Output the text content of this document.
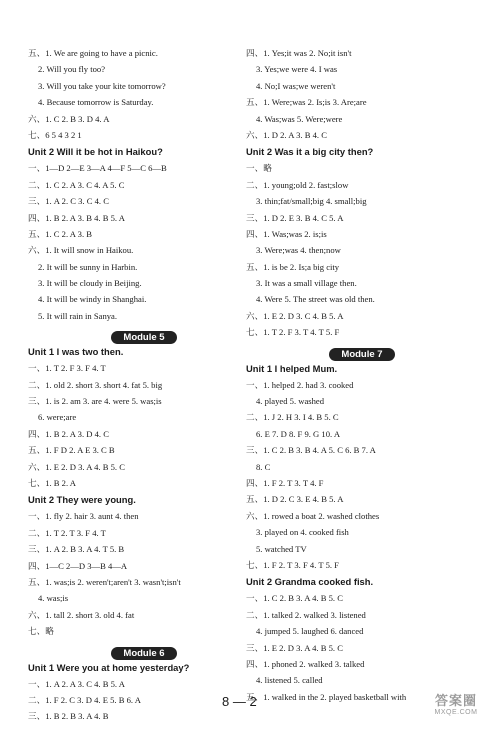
五、1. We are going to have a picnic.
2. Will you fly too?
3. Will you take your kite tomorrow?
4. Because tomorrow is Saturday.
六、1. C 2. B 3. D 4. A
七、6 5 4 3 2 1
Unit 2 Will it be hot in Haikou?
一、1—D 2—E 3—A 4—F 5—C 6—B
二、1. C 2. A 3. C 4. A 5. C
三、1. A 2. C 3. C 4. C
四、1. B 2. A 3. B 4. B 5. A
五、1. C 2. A 3. B
六、1. It will snow in Haikou.
2. It will be sunny in Harbin.
3. It will be cloudy in Beijing.
4. It will be windy in Shanghai.
5. It will rain in Sanya.
Module 5
Unit 1 I was two then.
一、1. T 2. F 3. F 4. T
二、1. old 2. short 3. short 4. fat 5. big
三、1. is 2. am 3. are 4. were 5. was;is
6. were;are
四、1. B 2. A 3. D 4. C
五、1. F D 2. A E 3. C B
六、1. E 2. D 3. A 4. B 5. C
七、1. B 2. A
Unit 2 They were young.
一、1. fly 2. hair 3. aunt 4. then
二、1. T 2. T 3. F 4. T
三、1. A 2. B 3. A 4. T 5. B
四、1—C 2—D 3—B 4—A
五、1. was;is 2. weren't;aren't 3. wasn't;isn't
4. was;is
六、1. tall 2. short 3. old 4. fat
七、略
Module 6
Unit 1 Were you at home yesterday?
一、1. A 2. A 3. C 4. B 5. A
二、1. F 2. C 3. D 4. E 5. B 6. A
三、1. B 2. B 3. A 4. B
四、1. Yes;it was 2. No;it isn't
3. Yes;we were 4. I was
4. No;I was;we weren't
五、1. Were;was 2. Is;is 3. Are;are
4. Was;was 5. Were;were
六、1. D 2. A 3. B 4. C
Unit 2 Was it a big city then?
一、略
二、1. young;old 2. fast;slow
3. thin;fat/small;big 4. small;big
三、1. D 2. E 3. B 4. C 5. A
四、1. Was;was 2. is;is
3. Were;was 4. then;now
五、1. is be 2. Is;a big city
3. It was a small village then.
4. Were 5. The street was old then.
六、1. E 2. D 3. C 4. B 5. A
七、1. T 2. F 3. T 4. T 5. F
Module 7
Unit 1 I helped Mum.
一、1. helped 2. had 3. cooked
4. played 5. washed
二、1. J 2. H 3. I 4. B 5. C
6. E 7. D 8. F 9. G 10. A
三、1. C 2. B 3. B 4. A 5. C 6. B 7. A
8. C
四、1. F 2. T 3. T 4. F
五、1. D 2. C 3. E 4. B 5. A
六、1. rowed a boat 2. washed clothes
3. played on 4. cooked fish
5. watched TV
七、1. F 2. T 3. F 4. T 5. F
Unit 2 Grandma cooked fish.
一、1. C 2. B 3. A 4. B 5. C
二、1. talked 2. walked 3. listened
4. jumped 5. laughed 6. danced
三、1. E 2. D 3. A 4. B 5. C
四、1. phoned 2. walked 3. talked
4. listened 5. called
五、1. walked in the 2. played basketball with
8 — 2	答案圈
MXQE.COM
